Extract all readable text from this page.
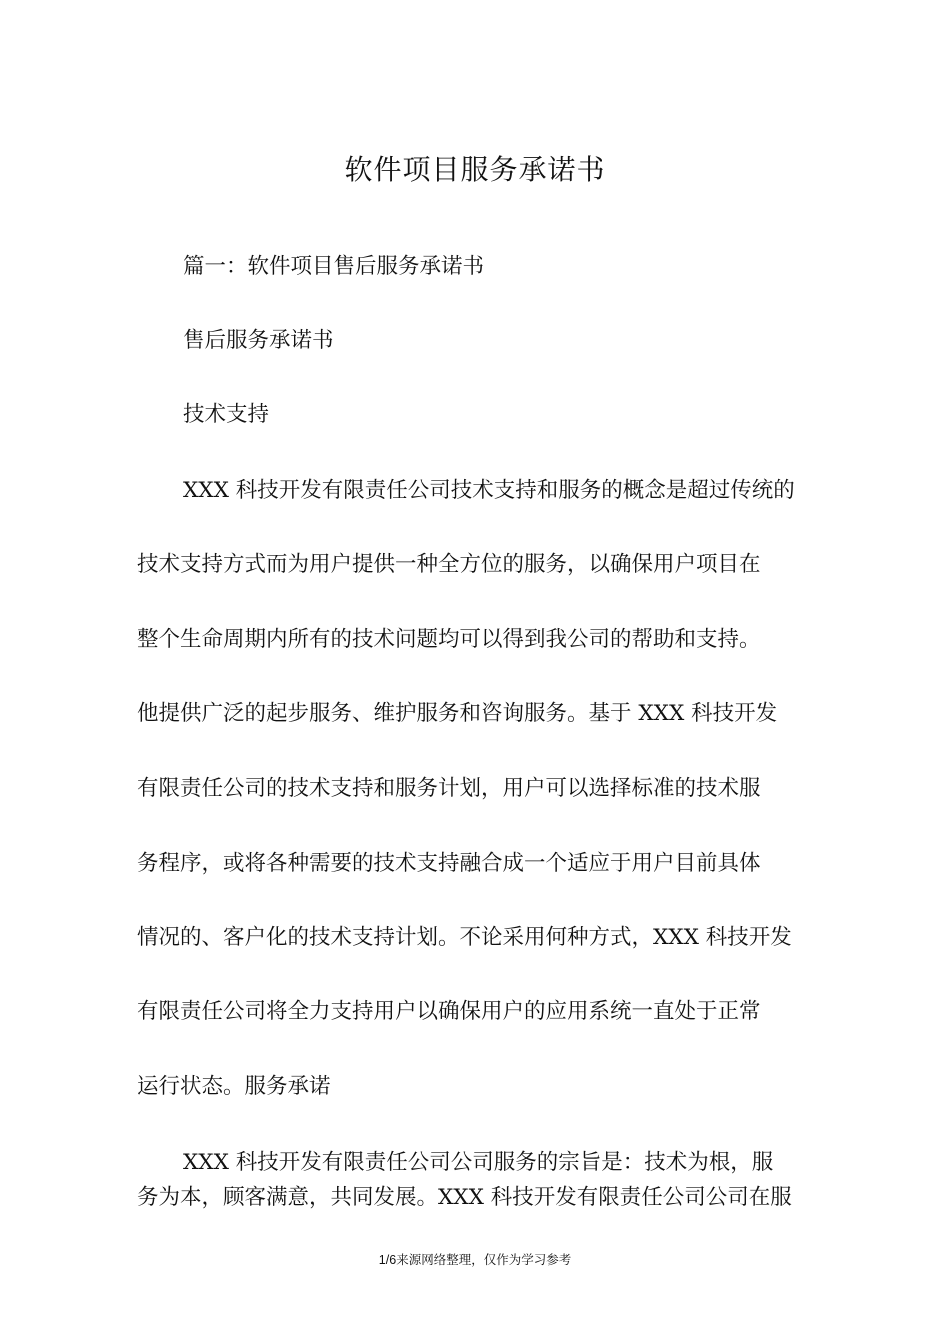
软件项目服务承诺书
篇一：软件项目售后服务承诺书
售后服务承诺书
技术支持
XXX 科技开发有限责任公司技术支持和服务的概念是超过传统的
技术支持方式而为用户提供一种全方位的服务，以确保用户项目在
整个生命周期内所有的技术问题均可以得到我公司的帮助和支持。
他提供广泛的起步服务、维护服务和咨询服务。基于 XXX 科技开发
有限责任公司的技术支持和服务计划，用户可以选择标准的技术服
务程序，或将各种需要的技术支持融合成一个适应于用户目前具体
情况的、客户化的技术支持计划。不论采用何种方式，XXX 科技开发
有限责任公司将全力支持用户以确保用户的应用系统一直处于正常
运行状态。服务承诺
XXX 科技开发有限责任公司公司服务的宗旨是：技术为根，服
务为本，顾客满意，共同发展。XXX 科技开发有限责任公司公司在服
1/6来源网络整理，仅作为学习参考
